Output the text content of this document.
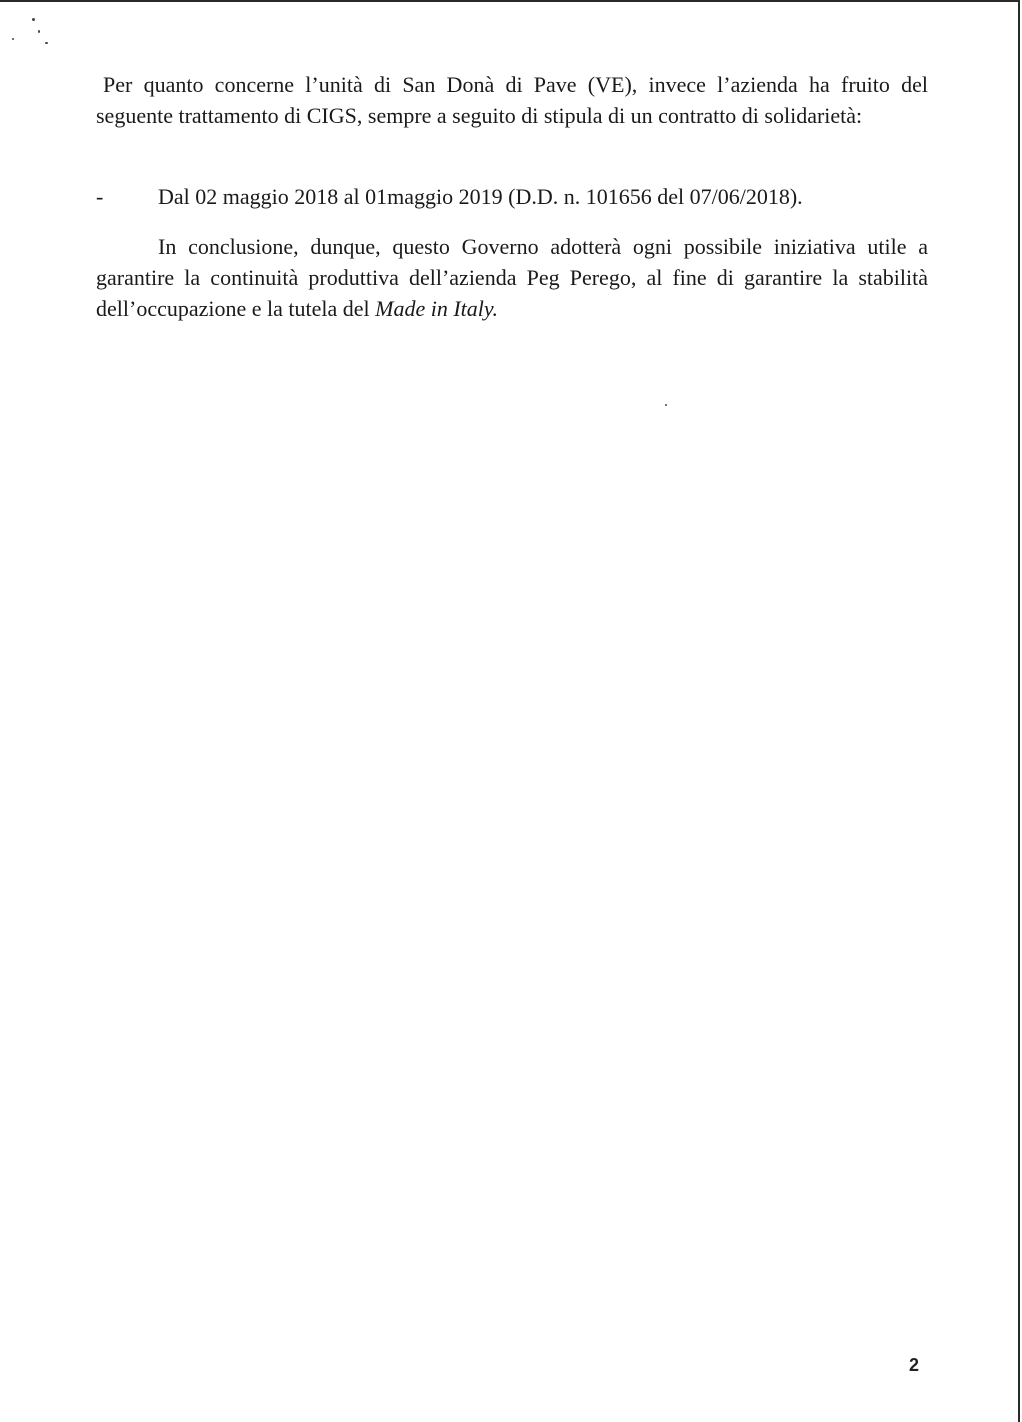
Per quanto concerne l’unità di San Donà di Pave (VE), invece l’azienda ha fruito del seguente trattamento di CIGS, sempre a seguito di stipula di un contratto di solidarietà:

- Dal 02 maggio 2018 al 01maggio 2019 (D.D. n. 101656 del 07/06/2018).

In conclusione, dunque, questo Governo adotterà ogni possibile iniziativa utile a garantire la continuità produttiva dell’azienda Peg Perego, al fine di garantire la stabilità dell’occupazione e la tutela del Made in Italy.

2
